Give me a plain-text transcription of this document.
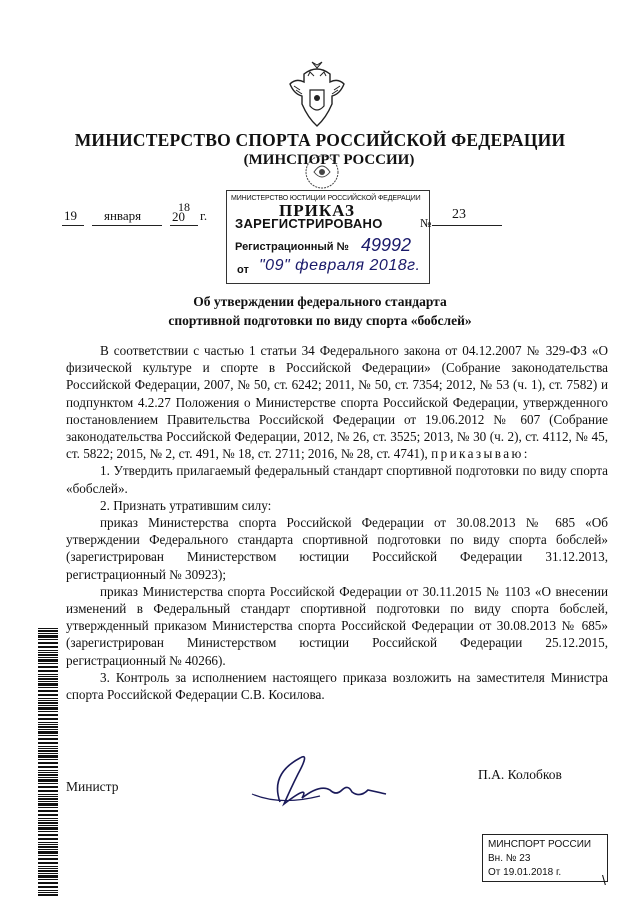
МИНИСТЕРСТВО СПОРТА РОССИЙСКОЙ ФЕДЕРАЦИИ
(МИНСПОРТ РОССИИ)
19 января 20
18
г.
МИНИСТЕРСТВО ЮСТИЦИИ РОССИЙСКОЙ ФЕДЕРАЦИИ
ПРИКАЗ
ЗАРЕГИСТРИРОВАНО
Регистрационный № 49992
от "09" февраля 2018г.
№
23
Об утверждении федерального стандарта
спортивной подготовки по виду спорта «бобслей»

В соответствии с частью 1 статьи 34 Федерального закона от 04.12.2007 № 329-ФЗ «О физической культуре и спорте в Российской Федерации» (Собрание законодательства Российской Федерации, 2007, № 50, ст. 6242; 2011, № 50, ст. 7354; 2012, № 53 (ч. 1), ст. 7582) и подпунктом 4.2.27 Положения о Министерстве спорта Российской Федерации, утвержденного постановлением Правительства Российской Федерации от 19.06.2012 № 607 (Собрание законодательства Российской Федерации, 2012, № 26, ст. 3525; 2013, № 30 (ч. 2), ст. 4112, № 45, ст. 5822; 2015, № 2, ст. 491, № 18, ст. 2711; 2016, № 28, ст. 4741), приказываю:

1. Утвердить прилагаемый федеральный стандарт спортивной подготовки по виду спорта «бобслей».

2. Признать утратившим силу:

приказ Министерства спорта Российской Федерации от 30.08.2013 № 685 «Об утверждении Федерального стандарта спортивной подготовки по виду спорта бобслей» (зарегистрирован Министерством юстиции Российской Федерации 31.12.2013, регистрационный № 30923);

приказ Министерства спорта Российской Федерации от 30.11.2015 № 1103 «О внесении изменений в Федеральный стандарт спортивной подготовки по виду спорта бобслей, утвержденный приказом Министерства спорта Российской Федерации от 30.08.2013 № 685» (зарегистрирован Министерством юстиции Российской Федерации 25.12.2015, регистрационный № 40266).

3. Контроль за исполнением настоящего приказа возложить на заместителя Министра спорта Российской Федерации С.В. Косилова.

Министр
П.А. Колобков
МИНСПОРТ РОССИИ
Вн. № 23
От 19.01.2018 г.	\
